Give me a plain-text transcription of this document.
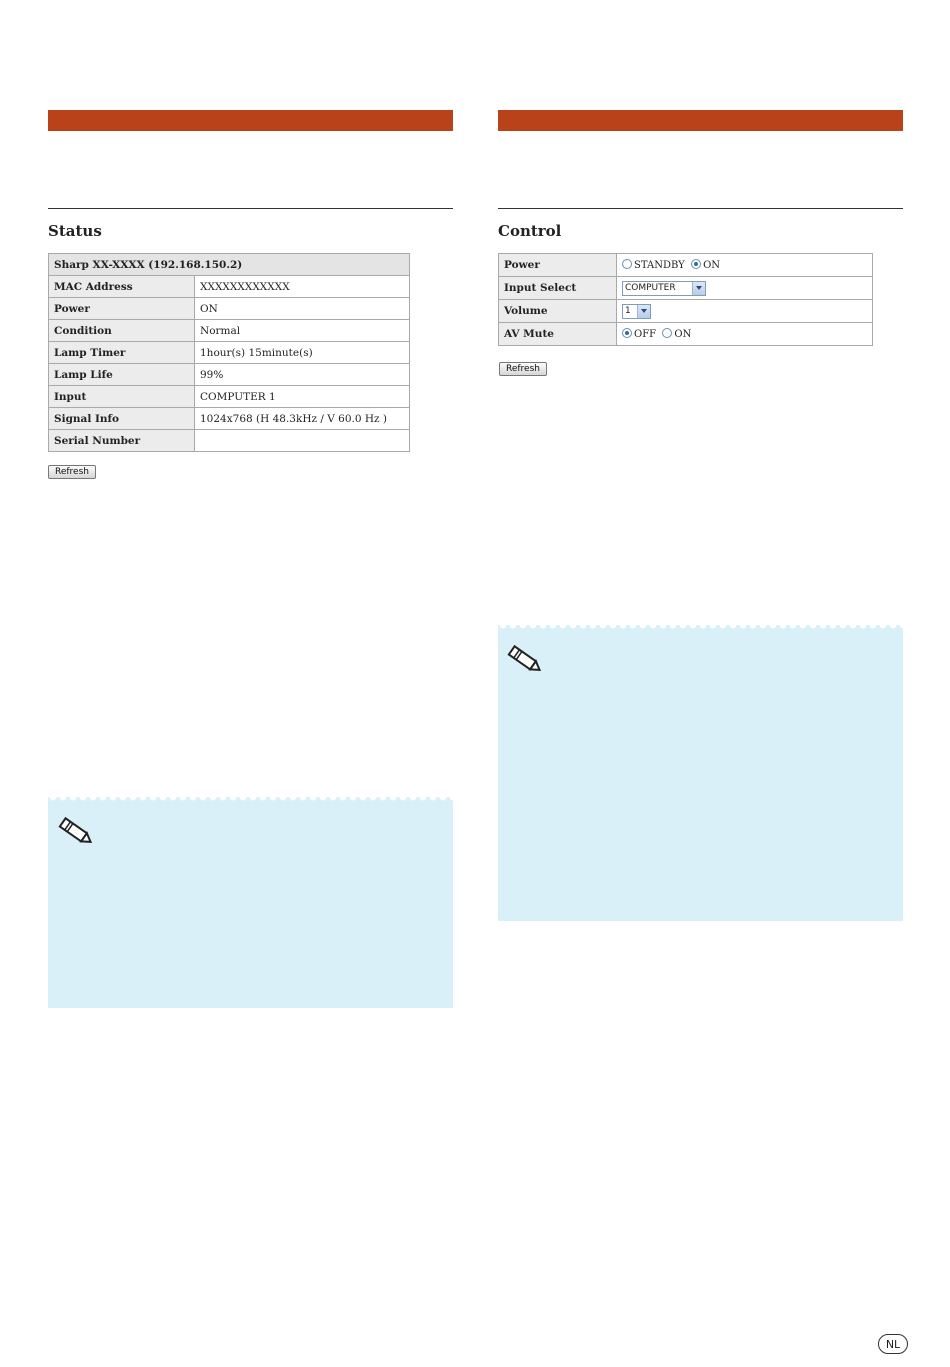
Status
Sharp XX-XXXX (192.168.150.2)	
MAC Address	XXXXXXXXXXXX
Power	ON
Condition	Normal
Lamp Timer	1hour(s) 15minute(s)
Lamp Life	99%
Input	COMPUTER 1
Signal Info	1024x768 (H 48.3kHz / V 60.0 Hz )
Serial Number	
Refresh
Control
Power	STANDBY ON
Input Select	COMPUTER

Volume	1

AV Mute	OFF ON
Refresh
NL
